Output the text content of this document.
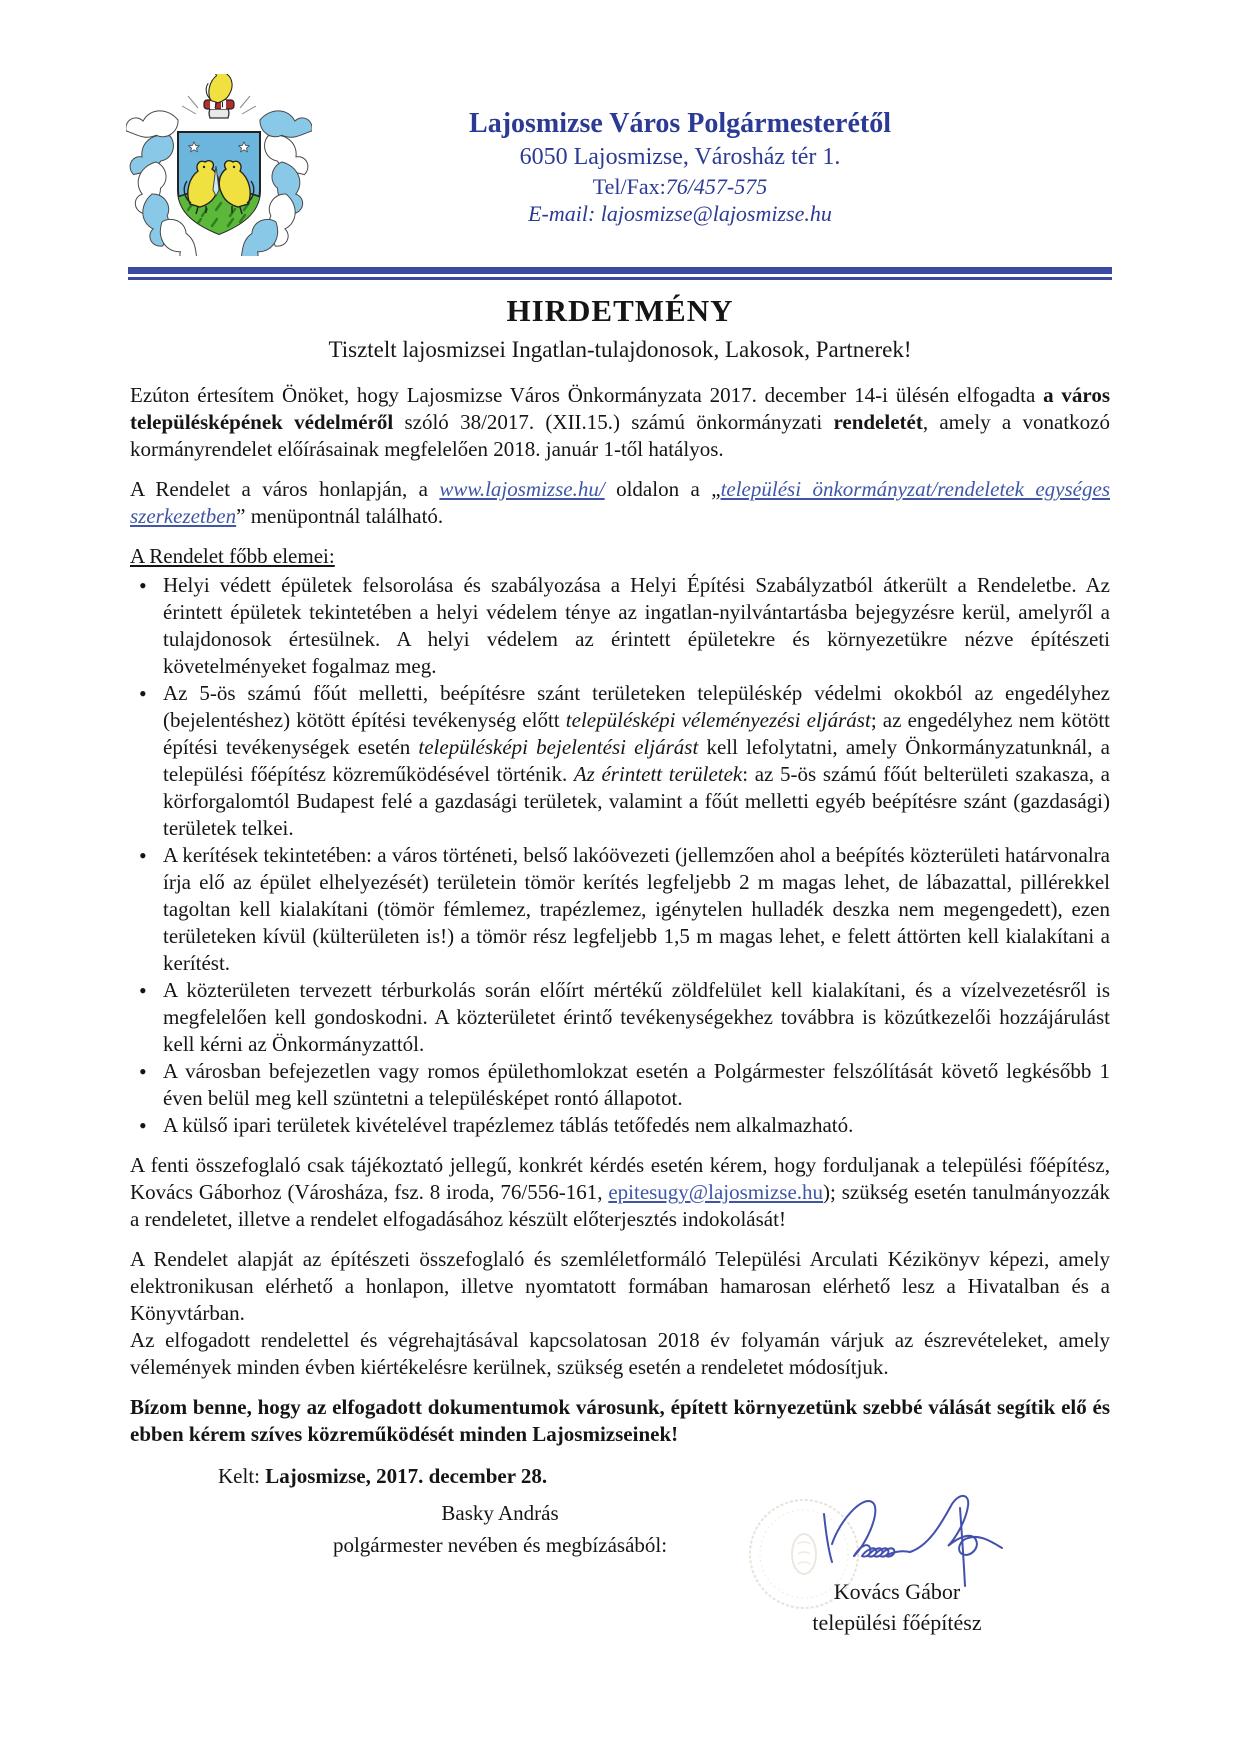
Lajosmizse Város Polgármesterétől
6050 Lajosmizse, Városház tér 1.
Tel/Fax:76/457-575
E-mail: lajosmizse@lajosmizse.hu
HIRDETMÉNY
Tisztelt lajosmizsei Ingatlan-tulajdonosok, Lakosok, Partnerek!

Ezúton értesítem Önöket, hogy Lajosmizse Város Önkormányzata 2017. december 14-i ülésén elfogadta a város településképének védelméről szóló 38/2017. (XII.15.) számú önkormányzati rendeletét, amely a vonatkozó kormányrendelet előírásainak megfelelően 2018. január 1-től hatályos.

A Rendelet a város honlapján, a www.lajosmizse.hu/ oldalon a „települési önkormányzat/rendeletek egységes szerkezetben” menüpontnál található.

A Rendelet főbb elemei:

• Helyi védett épületek felsorolása és szabályozása a Helyi Építési Szabályzatból átkerült a Rendeletbe. Az érintett épületek tekintetében a helyi védelem ténye az ingatlan-nyilvántartásba bejegyzésre kerül, amelyről a tulajdonosok értesülnek. A helyi védelem az érintett épületekre és környezetükre nézve építészeti követelményeket fogalmaz meg.
• Az 5-ös számú főút melletti, beépítésre szánt területeken településkép védelmi okokból az engedélyhez (bejelentéshez) kötött építési tevékenység előtt településképi véleményezési eljárást; az engedélyhez nem kötött építési tevékenységek esetén településképi bejelentési eljárást kell lefolytatni, amely Önkormányzatunknál, a települési főépítész közreműködésével történik. Az érintett területek: az 5-ös számú főút belterületi szakasza, a körforgalomtól Budapest felé a gazdasági területek, valamint a főút melletti egyéb beépítésre szánt (gazdasági) területek telkei.
• A kerítések tekintetében: a város történeti, belső lakóövezeti (jellemzően ahol a beépítés közterületi határvonalra írja elő az épület elhelyezését) területein tömör kerítés legfeljebb 2 m magas lehet, de lábazattal, pillérekkel tagoltan kell kialakítani (tömör fémlemez, trapézlemez, igénytelen hulladék deszka nem megengedett), ezen területeken kívül (külterületen is!) a tömör rész legfeljebb 1,5 m magas lehet, e felett áttörten kell kialakítani a kerítést.
• A közterületen tervezett térburkolás során előírt mértékű zöldfelület kell kialakítani, és a vízelvezetésről is megfelelően kell gondoskodni. A közterületet érintő tevékenységekhez továbbra is közútkezelői hozzájárulást kell kérni az Önkormányzattól.
• A városban befejezetlen vagy romos épülethomlokzat esetén a Polgármester felszólítását követő legkésőbb 1 éven belül meg kell szüntetni a településképet rontó állapotot.
• A külső ipari területek kivételével trapézlemez táblás tetőfedés nem alkalmazható.

A fenti összefoglaló csak tájékoztató jellegű, konkrét kérdés esetén kérem, hogy forduljanak a települési főépítész, Kovács Gáborhoz (Városháza, fsz. 8 iroda, 76/556-161, epitesugy@lajosmizse.hu); szükség esetén tanulmányozzák a rendeletet, illetve a rendelet elfogadásához készült előterjesztés indokolását!

A Rendelet alapját az építészeti összefoglaló és szemléletformáló Települési Arculati Kézikönyv képezi, amely elektronikusan elérhető a honlapon, illetve nyomtatott formában hamarosan elérhető lesz a Hivatalban és a Könyvtárban.

Az elfogadott rendelettel és végrehajtásával kapcsolatosan 2018 év folyamán várjuk az észrevételeket, amely vélemények minden évben kiértékelésre kerülnek, szükség esetén a rendeletet módosítjuk.

Bízom benne, hogy az elfogadott dokumentumok városunk, épített környezetünk szebbé válását segítik elő és ebben kérem szíves közreműködését minden Lajosmizseinek!

Kelt: Lajosmizse, 2017. december 28.

Basky András
polgármester nevében és megbízásából:
Kovács Gábor
települési főépítész
